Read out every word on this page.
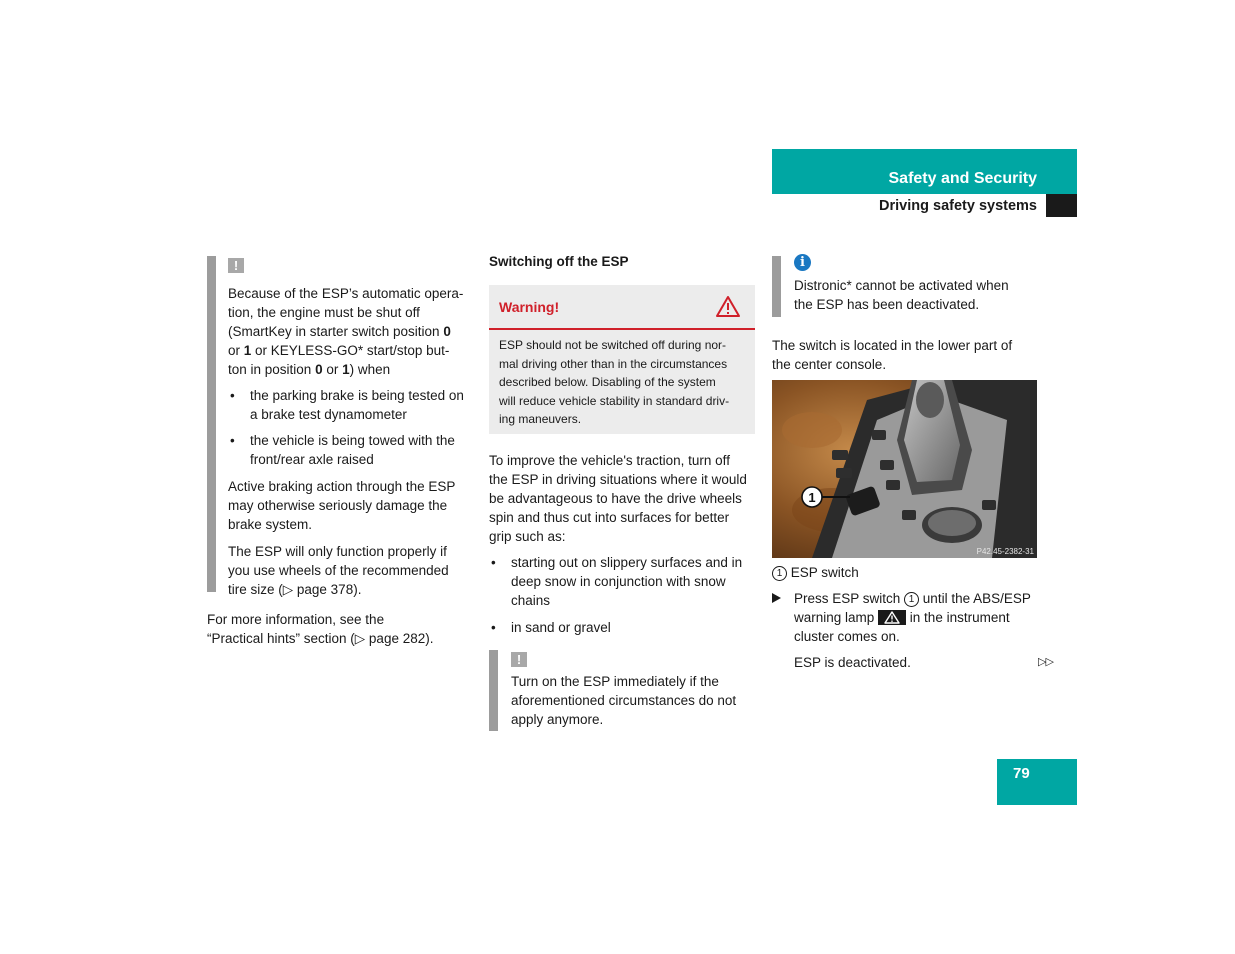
Safety and Security
Driving safety systems
!

Because of the ESP’s automatic opera-
tion, the engine must be shut off
(SmartKey in starter switch position 0
or 1 or KEYLESS-GO* start/stop but-
ton in position 0 or 1) when

• the parking brake is being tested on
a brake test dynamometer
• the vehicle is being towed with the
front/rear axle raised

Active braking action through the ESP
may otherwise seriously damage the
brake system.

The ESP will only function properly if
you use wheels of the recommended
tire size (▷ page 378).

For more information, see the
“Practical hints” section (▷ page 282).

Switching off the ESP
Warning!
ESP should not be switched off during nor-
mal driving other than in the circumstances
described below. Disabling of the system
will reduce vehicle stability in standard driv-
ing maneuvers.

To improve the vehicle's traction, turn off
the ESP in driving situations where it would
be advantageous to have the drive wheels
spin and thus cut into surfaces for better
grip such as:

• starting out on slippery surfaces and in
deep snow in conjunction with snow
chains
• in sand or gravel
!

Turn on the ESP immediately if the
aforementioned circumstances do not
apply anymore.

i

Distronic* cannot be activated when
the ESP has been deactivated.

The switch is located in the lower part of
the center console.

1
P42.45-2382-31

1 ESP switch

Press ESP switch 1 until the ABS/ESP
warning lamp
in the instrument
cluster comes on.

ESP is deactivated.	▷▷
79
